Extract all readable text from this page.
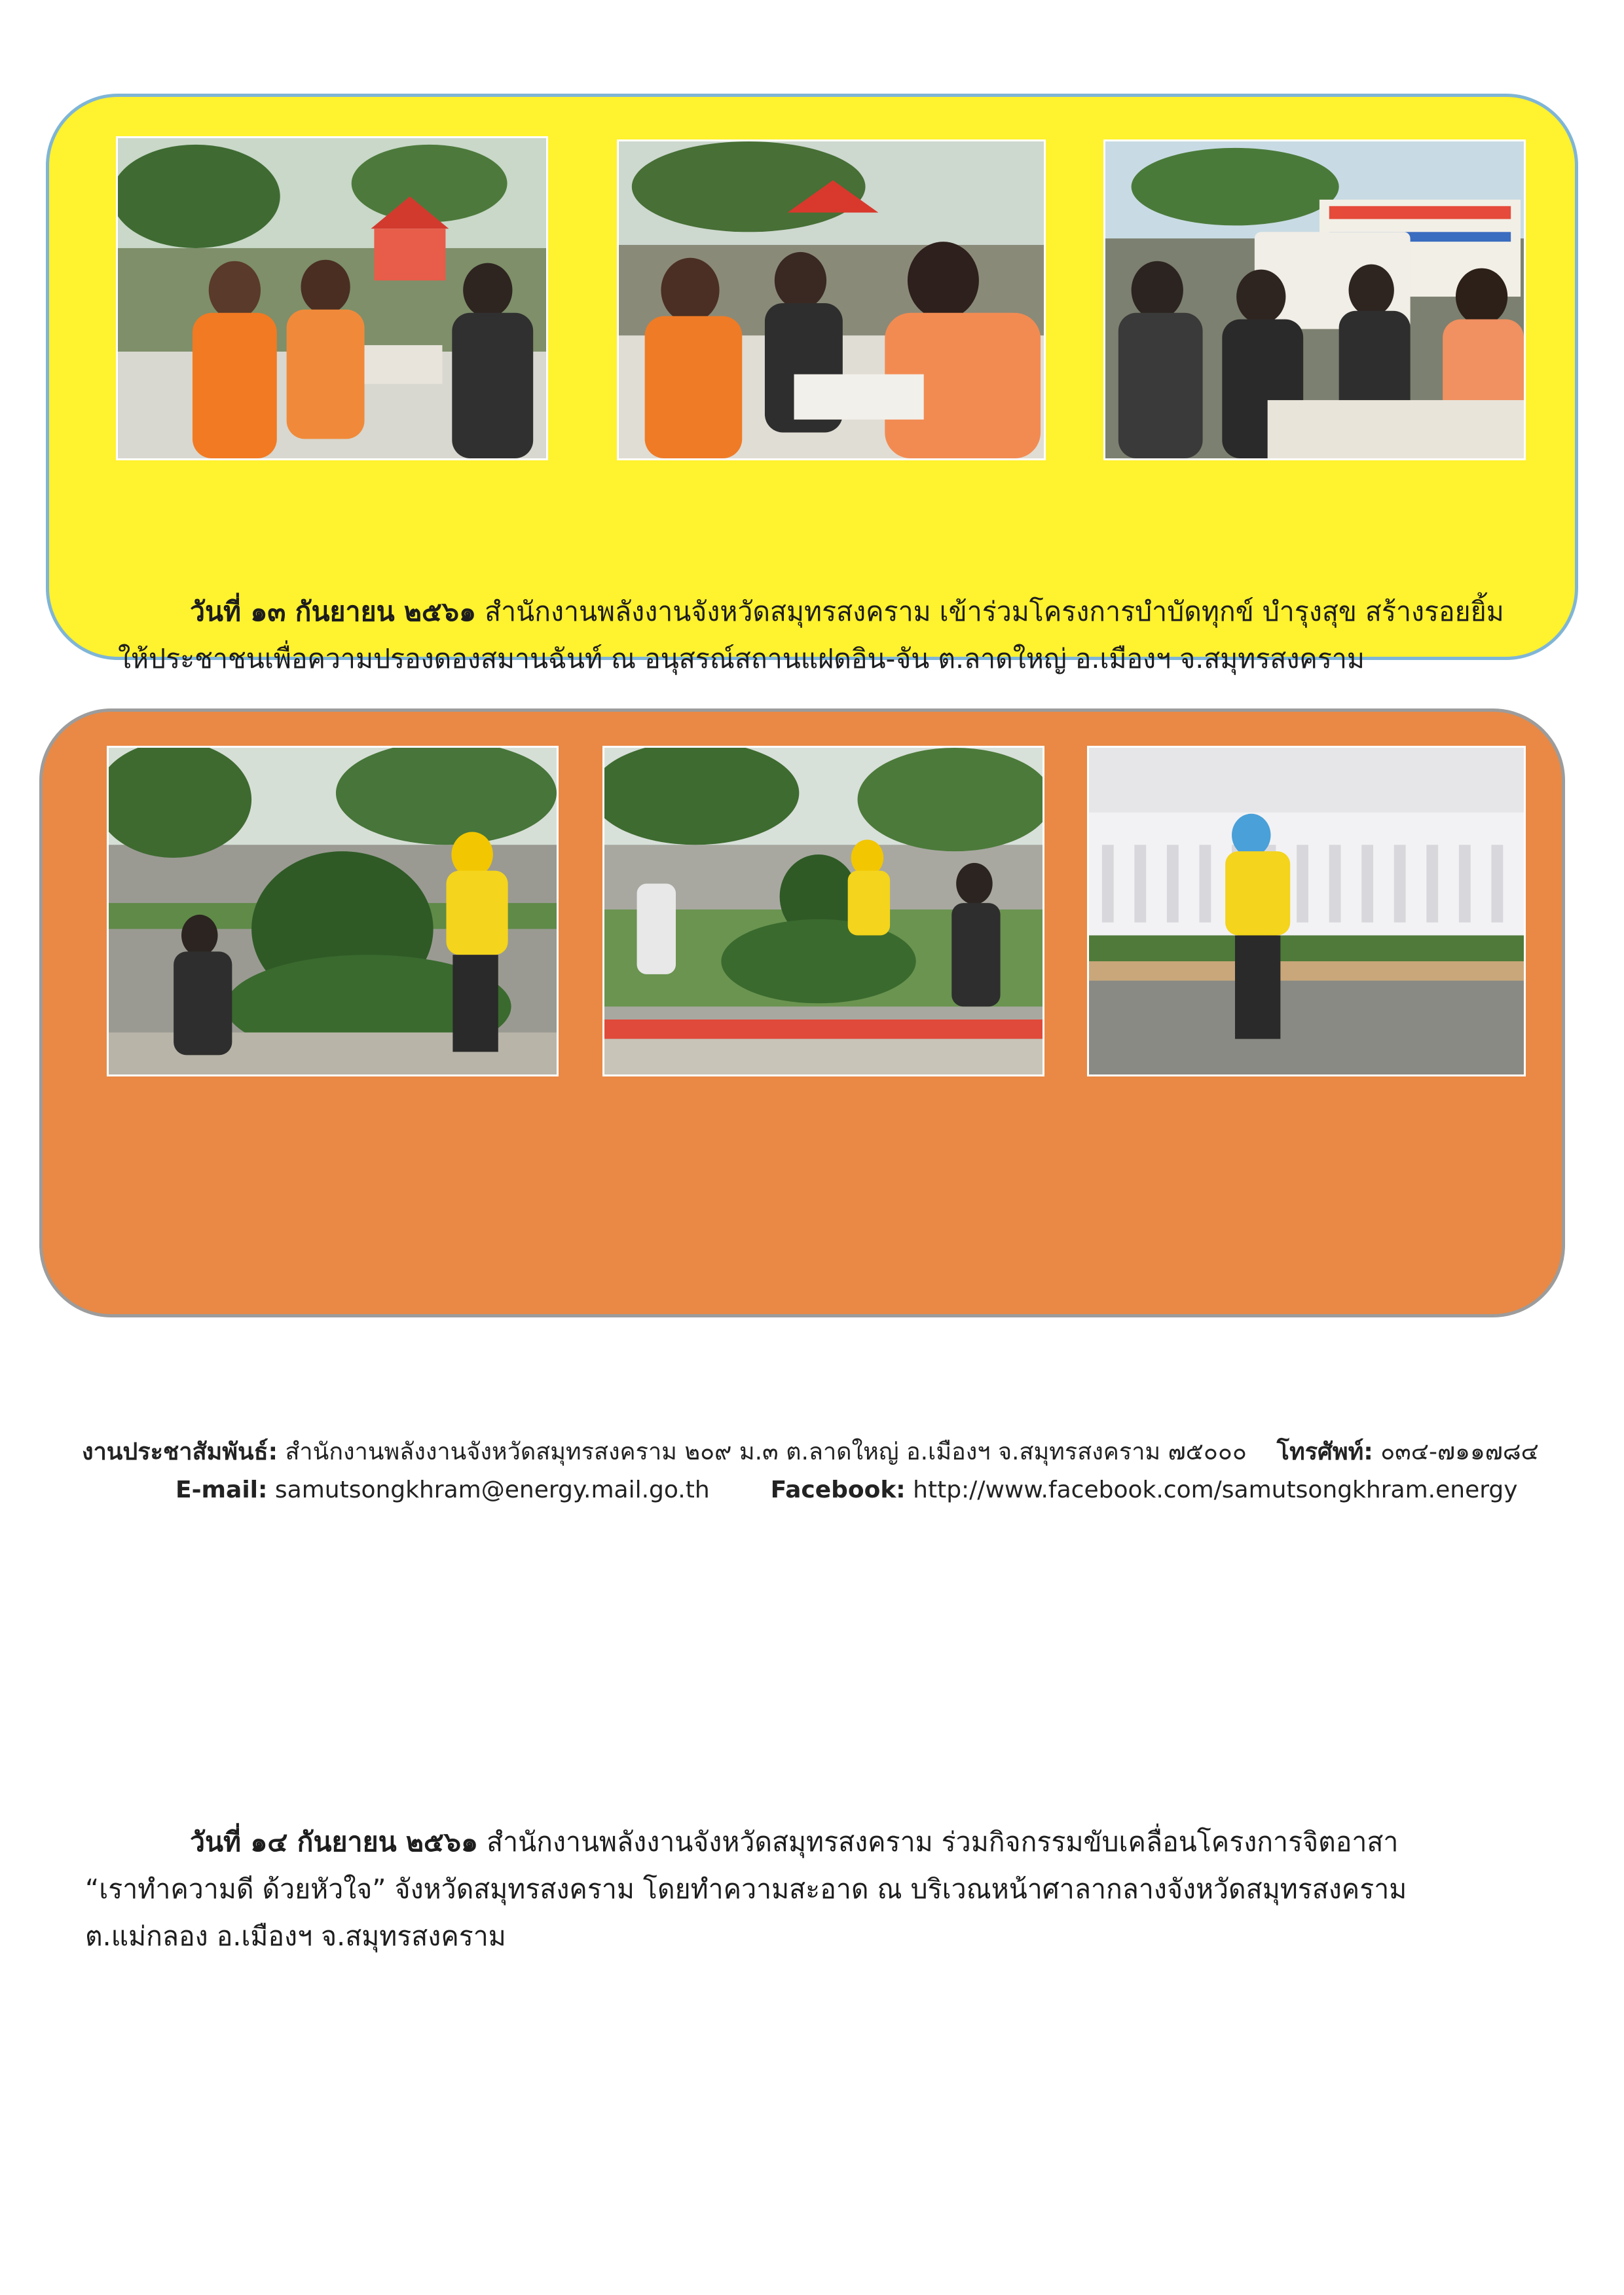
วันที่ ๑๓ กันยายน ๒๕๖๑ สำนักงานพลังงานจังหวัดสมุทรสงคราม เข้าร่วมโครงการบำบัดทุกข์ บำรุงสุข สร้างรอยยิ้ม
ให้ประชาชนเพื่อความปรองดองสมานฉันท์ ณ อนุสรณ์สถานแฝดอิน-จัน ต.ลาดใหญ่ อ.เมืองฯ จ.สมุทรสงคราม
วันที่ ๑๔ กันยายน ๒๕๖๑ สำนักงานพลังงานจังหวัดสมุทรสงคราม ร่วมกิจกรรมขับเคลื่อนโครงการจิตอาสา
“เราทำความดี ด้วยหัวใจ” จังหวัดสมุทรสงคราม โดยทำความสะอาด ณ บริเวณหน้าศาลากลางจังหวัดสมุทรสงคราม
ต.แม่กลอง อ.เมืองฯ จ.สมุทรสงคราม
งานประชาสัมพันธ์: สำนักงานพลังงานจังหวัดสมุทรสงคราม ๒๐๙ ม.๓ ต.ลาดใหญ่ อ.เมืองฯ จ.สมุทรสงคราม ๗๕๐๐๐ โทรศัพท์: ๐๓๔-๗๑๑๗๘๔
E-mail: samutsongkhram@energy.mail.go.th	Facebook: http://www.facebook.com/samutsongkhram.energy
